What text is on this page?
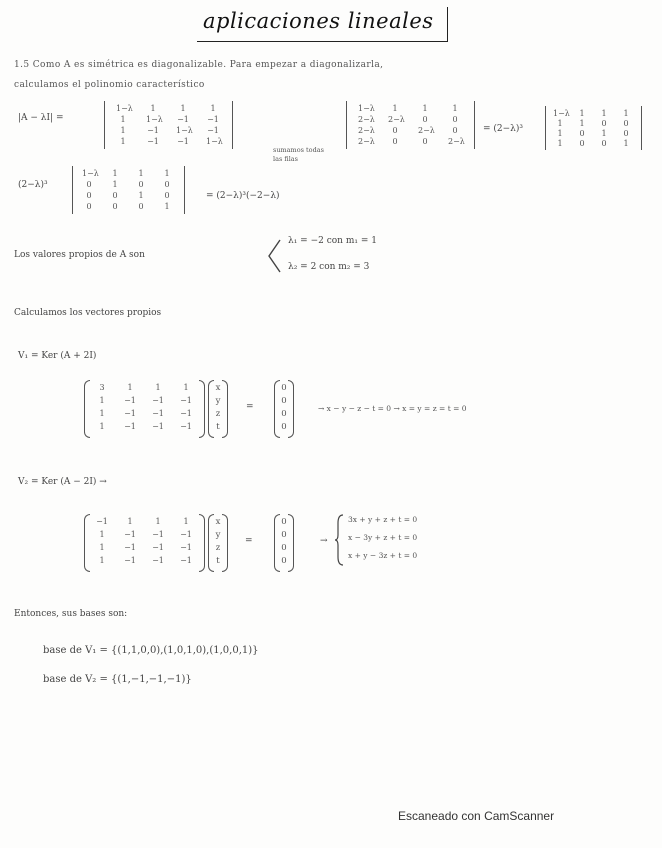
aplicaciones lineales
1.5 Como A es simétrica es diagonalizable. Para empezar a diagonalizarla,
calculamos el polinomio característico
|A − λI| =
1−λ	1	1	1
1	1−λ −1 −1
1	−1 1−λ −1
1	−1 −1 1−λ
sumamos todas las filas
1−λ	1	1	1
2−λ 2−λ	0	0
2−λ	0	2−λ	0
2−λ	0	0	2−λ
= (2−λ)³
1−λ	1	1	1
1	1	0	0
1	0	1	0
1	0	0	1
(2−λ)³
1−λ	1	1	1
0	1	0	0
0	0	1	0
0	0	0	1
= (2−λ)³(−2−λ)
Los valores propios de A son
λ₁ = −2 con m₁ = 1
λ₂ = 2 con m₂ = 3
Calculamos los vectores propios
V₁ = Ker (A + 2I)
3	1	1	1
1	−1 −1 −1
1	−1 −1 −1
1	−1 −1 −1
x
y
z
t
=
0
0
0
0
→ x − y − z − t = 0 → x = y = z = t = 0
V₂ = Ker (A − 2I) →
−1	1	1	1
1	−1 −1 −1
1	−1 −1 −1
1	−1 −1 −1
x
y
z
t
=
0
0
0
0
→
3x + y + z + t = 0
x − 3y + z + t = 0
x + y − 3z + t = 0
Entonces, sus bases son:
base de V₁ = {(1,1,0,0),(1,0,1,0),(1,0,0,1)}
base de V₂ = {(1,−1,−1,−1)}
Escaneado con CamScanner
